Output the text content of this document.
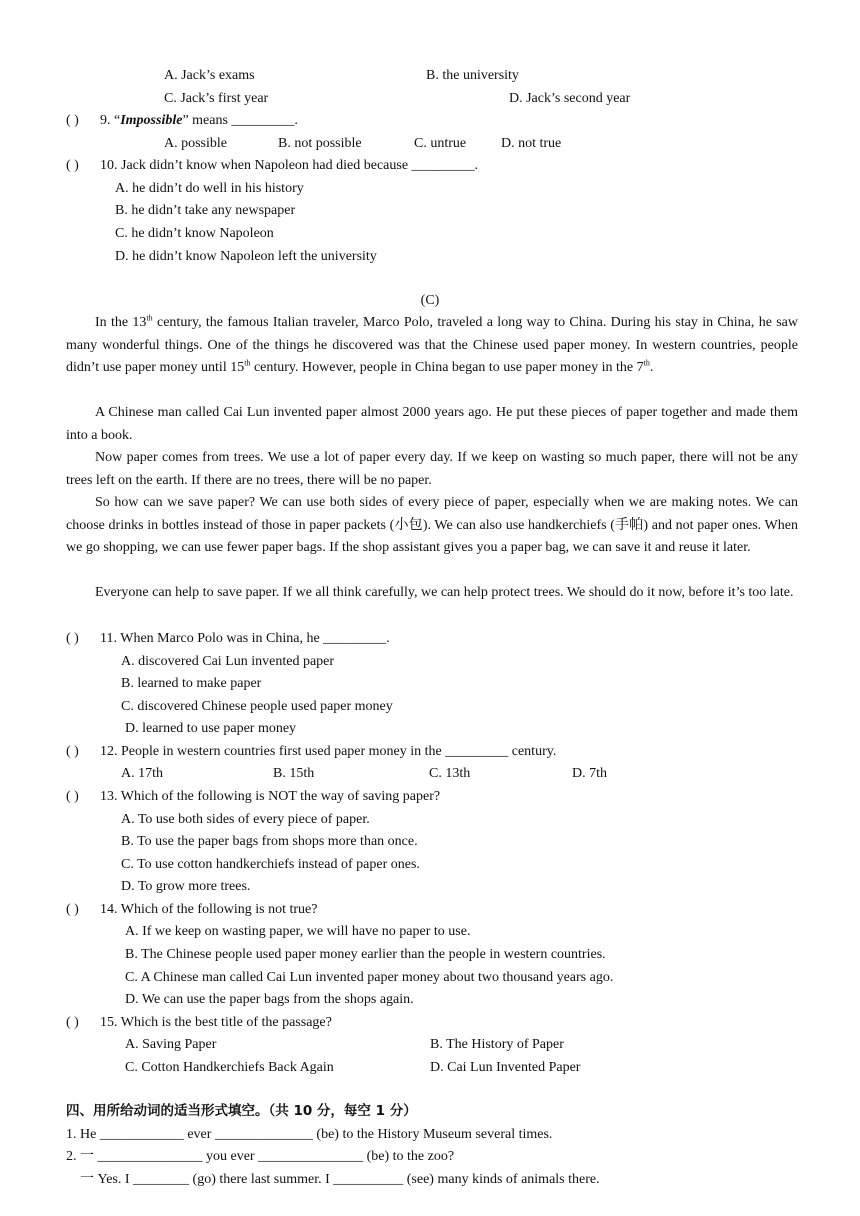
A. Jack’s exams	B. the university
C. Jack’s first year	D. Jack’s second year
( ) 9. “Impossible” means _________.
A. possible	B. not possible	C. untrue D. not true
( ) 10. Jack didn’t know when Napoleon had died because _________.
A. he didn’t do well in his history
B. he didn’t take any newspaper
C. he didn’t know Napoleon
D. he didn’t know Napoleon left the university
(C)
In the 13th century, the famous Italian traveler, Marco Polo, traveled a long way to China. During his stay in China, he saw many wonderful things. One of the things he discovered was that the Chinese used paper money. In western countries, people didn’t use paper money until 15th century. However, people in China began to use paper money in the 7th.
A Chinese man called Cai Lun invented paper almost 2000 years ago. He put these pieces of paper together and made them into a book.
Now paper comes from trees. We use a lot of paper every day. If we keep on wasting so much paper, there will not be any trees left on the earth. If there are no trees, there will be no paper.
So how can we save paper? We can use both sides of every piece of paper, especially when we are making notes. We can choose drinks in bottles instead of those in paper packets (小包). We can also use handkerchiefs (手帕) and not paper ones. When we go shopping, we can use fewer paper bags. If the shop assistant gives you a paper bag, we can save it and reuse it later.
Everyone can help to save paper. If we all think carefully, we can help protect trees. We should do it now, before it’s too late.
( ) 11. When Marco Polo was in China, he _________.
A. discovered Cai Lun invented paper
B. learned to make paper
C. discovered Chinese people used paper money
D. learned to use paper money
( ) 12. People in western countries first used paper money in the _________ century.
A. 17th	B. 15th	C. 13th	D. 7th
( ) 13. Which of the following is NOT the way of saving paper?
A. To use both sides of every piece of paper.
B. To use the paper bags from shops more than once.
C. To use cotton handkerchiefs instead of paper ones.
D. To grow more trees.
( ) 14. Which of the following is not true?
A. If we keep on wasting paper, we will have no paper to use.
B. The Chinese people used paper money earlier than the people in western countries.
C. A Chinese man called Cai Lun invented paper money about two thousand years ago.
D. We can use the paper bags from the shops again.
( ) 15. Which is the best title of the passage?
A. Saving Paper	B. The History of Paper
C. Cotton Handkerchiefs Back Again	D. Cai Lun Invented Paper
四、用所给动词的适当形式填空。（共 10 分，每空 1 分）
1. He ____________ ever ______________ (be) to the History Museum several times.
2. 一 _______________ you ever _______________ (be) to the zoo?
一 Yes. I ________ (go) there last summer. I __________ (see) many kinds of animals there.
